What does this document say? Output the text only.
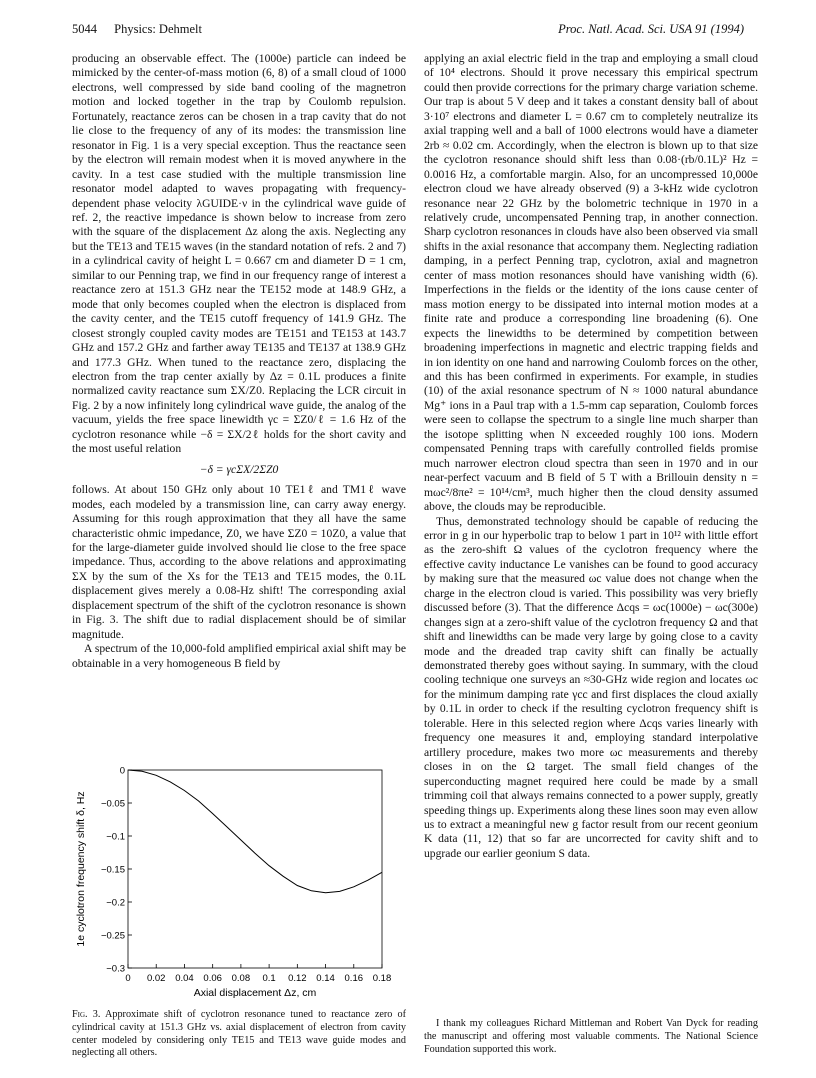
5044 Physics: Dehmelt	Proc. Natl. Acad. Sci. USA 91 (1994)

producing an observable effect. The (1000e) particle can indeed be mimicked by the center-of-mass motion (6, 8) of a small cloud of 1000 electrons, well compressed by side band cooling of the magnetron motion and locked together in the trap by Coulomb repulsion. Fortunately, reactance zeros can be chosen in a trap cavity that do not lie close to the frequency of any of its modes: the transmission line resonator in Fig. 1 is a very special exception. Thus the reactance seen by the electron will remain modest when it is moved anywhere in the cavity. In a test case studied with the multiple transmission line resonator model adapted to waves propagating with frequency-dependent phase velocity λGUIDE·ν in the cylindrical wave guide of ref. 2, the reactive impedance is shown below to increase from zero with the square of the displacement Δz along the axis. Neglecting any but the TE13 and TE15 waves (in the standard notation of refs. 2 and 7) in a cylindrical cavity of height L = 0.667 cm and diameter D = 1 cm, similar to our Penning trap, we find in our frequency range of interest a reactance zero at 151.3 GHz near the TE152 mode at 148.9 GHz, a mode that only becomes coupled when the electron is displaced from the cavity center, and the TE15 cutoff frequency of 141.9 GHz. The closest strongly coupled cavity modes are TE151 and TE153 at 143.7 GHz and 157.2 GHz and farther away TE135 and TE137 at 138.9 GHz and 177.3 GHz. When tuned to the reactance zero, displacing the electron from the trap center axially by Δz = 0.1L produces a finite normalized cavity reactance sum ΣX/Z0. Replacing the LCR circuit in Fig. 2 by a now infinitely long cylindrical wave guide, the analog of the vacuum, yields the free space linewidth γc = ΣZ0/ℓ = 1.6 Hz of the cyclotron resonance while −δ = ΣX/2ℓ holds for the short cavity and the most useful relation

−δ = γcΣX/2ΣZ0

follows. At about 150 GHz only about 10 TE1ℓ and TM1ℓ wave modes, each modeled by a transmission line, can carry away energy. Assuming for this rough approximation that they all have the same characteristic ohmic impedance, Z0, we have ΣZ0 = 10Z0, a value that for the large-diameter guide involved should lie close to the free space impedance. Thus, according to the above relations and approximating ΣX by the sum of the Xs for the TE13 and TE15 modes, the 0.1L displacement gives merely a 0.08-Hz shift! The corresponding axial displacement spectrum of the shift of the cyclotron resonance is shown in Fig. 3. The shift due to radial displacement should be of similar magnitude.

A spectrum of the 10,000-fold amplified empirical axial shift may be obtainable in a very homogeneous B field by

applying an axial electric field in the trap and employing a small cloud of 10⁴ electrons. Should it prove necessary this empirical spectrum could then provide corrections for the primary charge variation scheme. Our trap is about 5 V deep and it takes a constant density ball of about 3·10⁷ electrons and diameter L = 0.67 cm to completely neutralize its axial trapping well and a ball of 1000 electrons would have a diameter 2rb ≈ 0.02 cm. Accordingly, when the electron is blown up to that size the cyclotron resonance should shift less than 0.08·(rb/0.1L)² Hz = 0.0016 Hz, a comfortable margin. Also, for an uncompressed 10,000e electron cloud we have already observed (9) a 3-kHz wide cyclotron resonance near 22 GHz by the bolometric technique in 1970 in a relatively crude, uncompensated Penning trap, in another connection. Sharp cyclotron resonances in clouds have also been observed via small shifts in the axial resonance that accompany them. Neglecting radiation damping, in a perfect Penning trap, cyclotron, axial and magnetron center of mass motion resonances should have vanishing width (6). Imperfections in the fields or the identity of the ions cause center of mass motion energy to be dissipated into internal motion modes at a finite rate and produce a corresponding line broadening (6). One expects the linewidths to be determined by competition between broadening imperfections in magnetic and electric trapping fields and in ion identity on one hand and narrowing Coulomb forces on the other, and this has been confirmed in experiments. For example, in studies (10) of the axial resonance spectrum of N ≈ 1000 natural abundance Mg⁺ ions in a Paul trap with a 1.5-mm cap separation, Coulomb forces were seen to collapse the spectrum to a single line much sharper than the isotope splitting when N exceeded roughly 100 ions. Modern compensated Penning traps with carefully controlled fields promise much narrower electron cloud spectra than seen in 1970 and in our near-perfect vacuum and B field of 5 T with a Brillouin density n = mωc²/8πe² = 10¹⁴/cm³, much higher then the cloud density assumed above, the clouds may be reproducible.

Thus, demonstrated technology should be capable of reducing the error in g in our hyperbolic trap to below 1 part in 10¹² with little effort as the zero-shift Ω values of the cyclotron frequency where the effective cavity inductance Le vanishes can be found to good accuracy by making sure that the measured ωc value does not change when the charge in the electron cloud is varied. This possibility was very briefly discussed before (3). That the difference Δcqs = ωc(1000e) − ωc(300e) changes sign at a zero-shift value of the cyclotron frequency Ω and that shift and linewidths can be made very large by going close to a cavity mode and the dreaded trap cavity shift can finally be actually demonstrated thereby goes without saying. In summary, with the cloud cooling technique one surveys an ≈30-GHz wide region and locates ωc for the minimum damping rate γcc and first displaces the cloud axially by 0.1L in order to check if the resulting cyclotron frequency shift is tolerable. Here in this selected region where Δcqs varies linearly with frequency one measures it and, employing standard interpolative artillery procedure, makes two more ωc measurements and thereby closes in on the Ω target. The small field changes of the superconducting magnet required here could be made by a small trimming coil that always remains connected to a power supply, greatly speeding things up. Experiments along these lines soon may even allow us to extract a meaningful new g factor result from our recent geonium K data (11, 12) that so far are uncorrected for cavity shift and to upgrade our earlier geonium S data.

0
−0.05
−0.1
−0.15
−0.2
−0.25
−0.3
0 0.02 0.04 0.06 0.08 0.1 0.12 0.14 0.16 0.18
1e cyclotron frequency shift δ, Hz
Axial displacement Δz, cm
Fig. 3. Approximate shift of cyclotron resonance tuned to reactance zero of cylindrical cavity at 151.3 GHz vs. axial displacement of electron from cavity center modeled by considering only TE15 and TE13 wave guide modes and neglecting all others.
I thank my colleagues Richard Mittleman and Robert Van Dyck for reading the manuscript and offering most valuable comments. The National Science Foundation supported this work.
